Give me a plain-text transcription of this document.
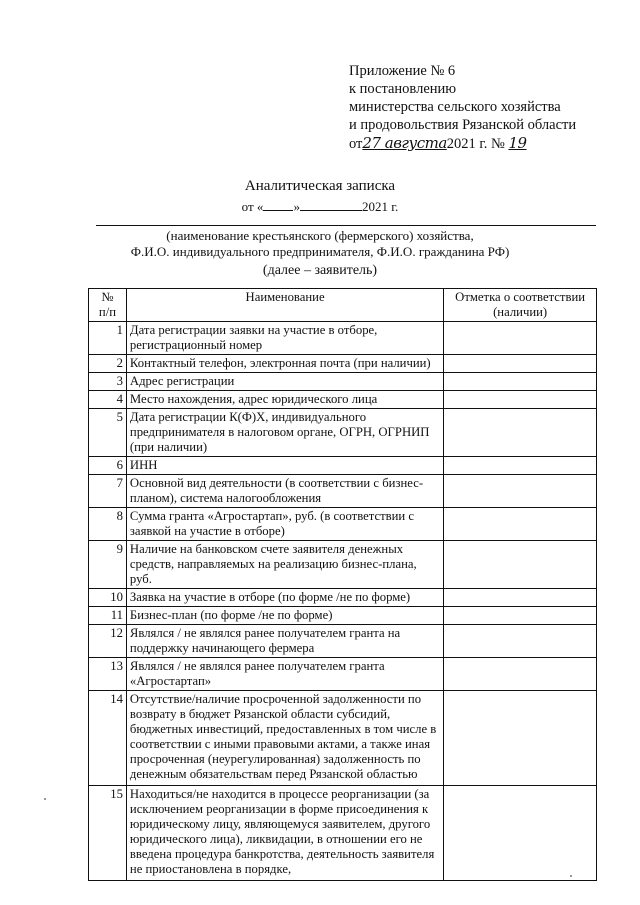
Приложение № 6
к постановлению
министерства сельского хозяйства
и продовольствия Рязанской области
от27 августа2021 г. № 19
Аналитическая записка
от « »	2021 г.
(наименование крестьянского (фермерского) хозяйства,
Ф.И.О. индивидуального предпринимателя, Ф.И.О. гражданина РФ)
(далее – заявитель)
№
п/п	Наименование	Отметка о соответствии (наличии)
1	Дата регистрации заявки на участие в отборе, регистрационный номер	
2	Контактный телефон, электронная почта (при наличии)	
3	Адрес регистрации	
4	Место нахождения, адрес юридического лица	
5	Дата регистрации К(Ф)Х, индивидуального предпринимателя в налоговом органе, ОГРН, ОГРНИП (при наличии)	
6	ИНН	
7	Основной вид деятельности (в соответствии с бизнес-планом), система налогообложения	
8	Сумма гранта «Агростартап», руб. (в соответствии с заявкой на участие в отборе)	
9	Наличие на банковском счете заявителя денежных средств, направляемых на реализацию бизнес-плана, руб.	
10	Заявка на участие в отборе (по форме /не по форме)	
11	Бизнес-план (по форме /не по форме)	
12	Являлся / не являлся ранее получателем гранта на поддержку начинающего фермера	
13	Являлся / не являлся ранее получателем гранта «Агростартап»	
14	Отсутствие/наличие просроченной задолженности по возврату в бюджет Рязанской области субсидий, бюджетных инвестиций, предоставленных в том числе в соответствии с иными правовыми актами, а также иная просроченная (неурегулированная) задолженность по денежным обязательствам перед Рязанской областью	
15	Находиться/не находится в процессе реорганизации (за исключением реорганизации в форме присоединения к юридическому лицу, являющемуся заявителем, другого юридического лица), ликвидации, в отношении его не введена процедура банкротства, деятельность заявителя не приостановлена в порядке,	
